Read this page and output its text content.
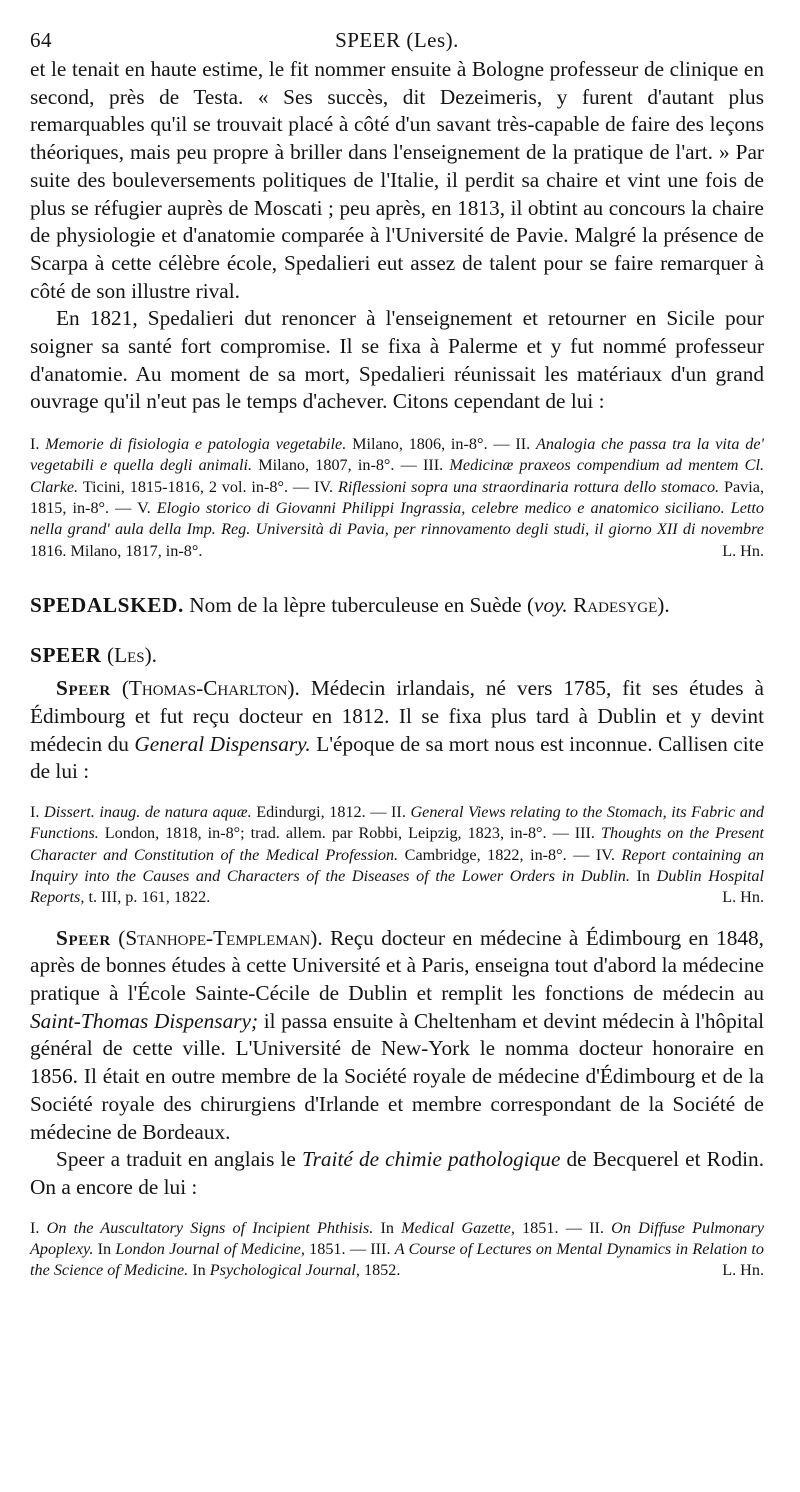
64	SPEER (Les).

et le tenait en haute estime, le fit nommer ensuite à Bologne professeur de clinique en second, près de Testa. « Ses succès, dit Dezeimeris, y furent d'autant plus remarquables qu'il se trouvait placé à côté d'un savant très-capable de faire des leçons théoriques, mais peu propre à briller dans l'enseignement de la pratique de l'art. » Par suite des bouleversements politiques de l'Italie, il perdit sa chaire et vint une fois de plus se réfugier auprès de Moscati ; peu après, en 1813, il obtint au concours la chaire de physiologie et d'anatomie comparée à l'Université de Pavie. Malgré la présence de Scarpa à cette célèbre école, Spedalieri eut assez de talent pour se faire remarquer à côté de son illustre rival.

En 1821, Spedalieri dut renoncer à l'enseignement et retourner en Sicile pour soigner sa santé fort compromise. Il se fixa à Palerme et y fut nommé professeur d'anatomie. Au moment de sa mort, Spedalieri réunissait les matériaux d'un grand ouvrage qu'il n'eut pas le temps d'achever. Citons cependant de lui :

I. Memorie di fisiologia e patologia vegetabile. Milano, 1806, in-8°. — II. Analogia che passa tra la vita de' vegetabili e quella degli animali. Milano, 1807, in-8°. — III. Medicinæ praxeos compendium ad mentem Cl. Clarke. Ticini, 1815-1816, 2 vol. in-8°. — IV. Riflessioni sopra una straordinaria rottura dello stomaco. Pavia, 1815, in-8°. — V. Elogio storico di Giovanni Philippi Ingrassia, celebre medico e anatomico siciliano. Letto nella grand' aula della Imp. Reg. Università di Pavia, per rinnovamento degli studi, il giorno XII di novembre 1816. Milano, 1817, in-8°.	L. Hn.

SPEDALSKED. Nom de la lèpre tuberculeuse en Suède (voy. Radesyge).

SPEER (Les).

Speer (Thomas-Charlton). Médecin irlandais, né vers 1785, fit ses études à Édimbourg et fut reçu docteur en 1812. Il se fixa plus tard à Dublin et y devint médecin du General Dispensary. L'époque de sa mort nous est inconnue. Callisen cite de lui :

I. Dissert. inaug. de natura aquæ. Edindurgi, 1812. — II. General Views relating to the Stomach, its Fabric and Functions. London, 1818, in-8°; trad. allem. par Robbi, Leipzig, 1823, in-8°. — III. Thoughts on the Present Character and Constitution of the Medical Profession. Cambridge, 1822, in-8°. — IV. Report containing an Inquiry into the Causes and Characters of the Diseases of the Lower Orders in Dublin. In Dublin Hospital Reports, t. III, p. 161, 1822.	L. Hn.

Speer (Stanhope-Templeman). Reçu docteur en médecine à Édimbourg en 1848, après de bonnes études à cette Université et à Paris, enseigna tout d'abord la médecine pratique à l'École Sainte-Cécile de Dublin et remplit les fonctions de médecin au Saint-Thomas Dispensary; il passa ensuite à Cheltenham et devint médecin à l'hôpital général de cette ville. L'Université de New-York le nomma docteur honoraire en 1856. Il était en outre membre de la Société royale de médecine d'Édimbourg et de la Société royale des chirurgiens d'Irlande et membre correspondant de la Société de médecine de Bordeaux.

Speer a traduit en anglais le Traité de chimie pathologique de Becquerel et Rodin. On a encore de lui :

I. On the Auscultatory Signs of Incipient Phthisis. In Medical Gazette, 1851. — II. On Diffuse Pulmonary Apoplexy. In London Journal of Medicine, 1851. — III. A Course of Lectures on Mental Dynamics in Relation to the Science of Medicine. In Psychological Journal, 1852.	L. Hn.
